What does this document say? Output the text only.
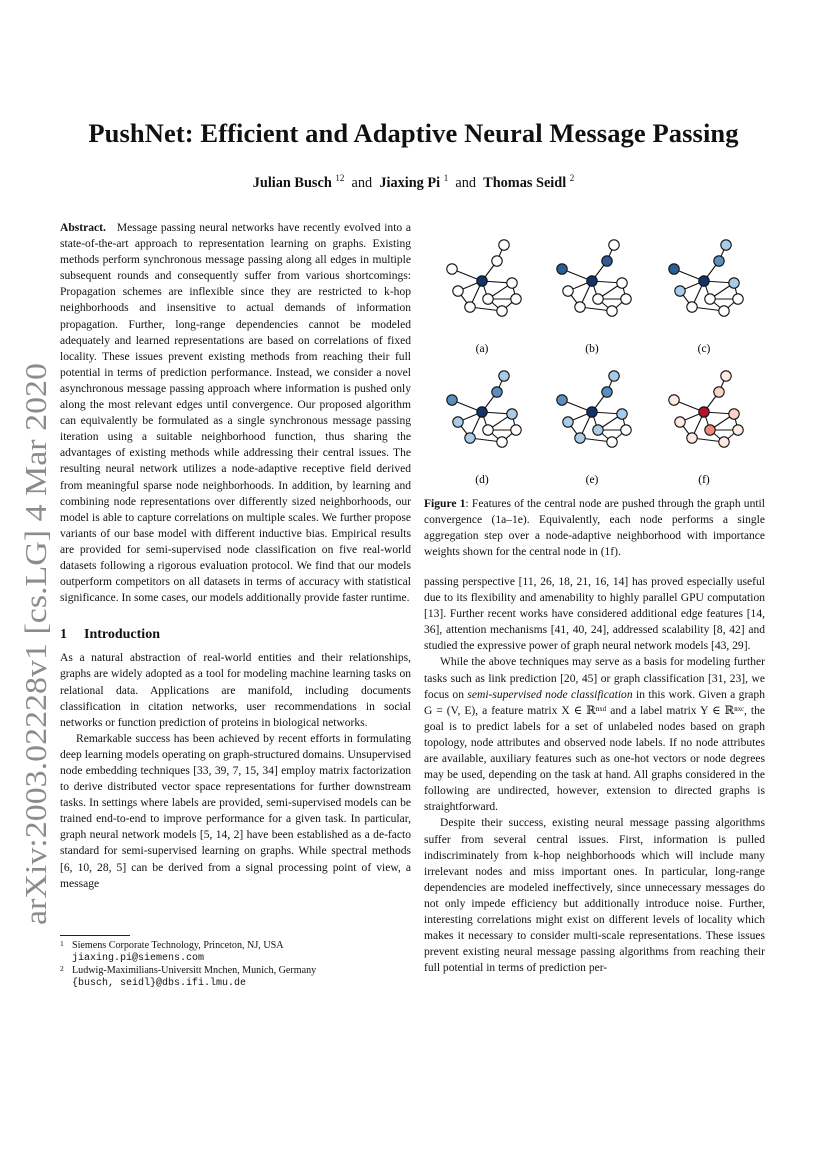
arXiv:2003.02228v1 [cs.LG] 4 Mar 2020
PushNet: Efficient and Adaptive Neural Message Passing
Julian Busch $^{12}$ and Jiaxing Pi $^1$ and Thomas Seidl $^2$

Abstract. Message passing neural networks have recently evolved into a state-of-the-art approach to representation learning on graphs. Existing methods perform synchronous message passing along all edges in multiple subsequent rounds and consequently suffer from various shortcomings: Propagation schemes are inflexible since they are restricted to k-hop neighborhoods and insensitive to actual demands of information propagation. Further, long-range dependencies cannot be modeled adequately and learned representations are based on correlations of fixed locality. These issues prevent existing methods from reaching their full potential in terms of prediction performance. Instead, we consider a novel asynchronous message passing approach where information is pushed only along the most relevant edges until convergence. Our proposed algorithm can equivalently be formulated as a single synchronous message passing iteration using a suitable neighborhood function, thus sharing the advantages of existing methods while addressing their central issues. The resulting neural network utilizes a node-adaptive receptive field derived from meaningful sparse node neighborhoods. In addition, by learning and combining node representations over differently sized neighborhoods, our model is able to capture correlations on multiple scales. We further propose variants of our base model with different inductive bias. Empirical results are provided for semi-supervised node classification on five real-world datasets following a rigorous evaluation protocol. We find that our models outperform competitors on all datasets in terms of accuracy with statistical significance. In some cases, our models additionally provide faster runtime.

1 Introduction

As a natural abstraction of real-world entities and their relationships, graphs are widely adopted as a tool for modeling machine learning tasks on relational data. Applications are manifold, including documents classification in citation networks, user recommendations in social networks or function prediction of proteins in biological networks.

Remarkable success has been achieved by recent efforts in formulating deep learning models operating on graph-structured domains. Unsupervised node embedding techniques [33, 39, 7, 15, 34] employ matrix factorization to derive distributed vector space representations for further downstream tasks. In settings where labels are provided, semi-supervised models can be trained end-to-end to improve performance for a given task. In particular, graph neural network models [5, 14, 2] have been established as a de-facto standard for semi-supervised learning on graphs. While spectral methods [6, 10, 28, 5] can be derived from a signal processing point of view, a message

(a)	(b)	(c)
(d)	(e)	(f)
Figure 1: Features of the central node are pushed through the graph until convergence (1a–1e). Equivalently, each node performs a single aggregation step over a node-adaptive neighborhood with importance weights shown for the central node in (1f).

passing perspective [11, 26, 18, 21, 16, 14] has proved especially useful due to its flexibility and amenability to highly parallel GPU computation [13]. Further recent works have considered additional edge features [14, 36], attention mechanisms [41, 40, 24], addressed scalability [8, 42] and studied the expressive power of graph neural network models [43, 29].

While the above techniques may serve as a basis for modeling further tasks such as link prediction [20, 45] or graph classification [31, 23], we focus on semi-supervised node classification in this work. Given a graph G = (V, E), a feature matrix X ∈ ℝⁿˣᵈ and a label matrix Y ∈ ℝⁿˣᶜ, the goal is to predict labels for a set of unlabeled nodes based on graph topology, node attributes and observed node labels. If no node attributes are available, auxiliary features such as one-hot vectors or node degrees may be used, depending on the task at hand. All graphs considered in the following are undirected, however, extension to directed graphs is straightforward.

Despite their success, existing neural message passing algorithms suffer from several central issues. First, information is pulled indiscriminately from k-hop neighborhoods which will include many irrelevant nodes and miss important ones. In particular, long-range dependencies are modeled ineffectively, since unnecessary messages do not only impede efficiency but additionally introduce noise. Further, interesting correlations might exist on different levels of locality which makes it necessary to consider multi-scale representations. These issues prevent existing neural message passing algorithms from reaching their full potential in terms of prediction per-

1 Siemens Corporate Technology, Princeton, NJ, USA
jiaxing.pi@siemens.com
2 Ludwig-Maximilians-Universitt Mnchen, Munich, Germany
{busch, seidl}@dbs.ifi.lmu.de
